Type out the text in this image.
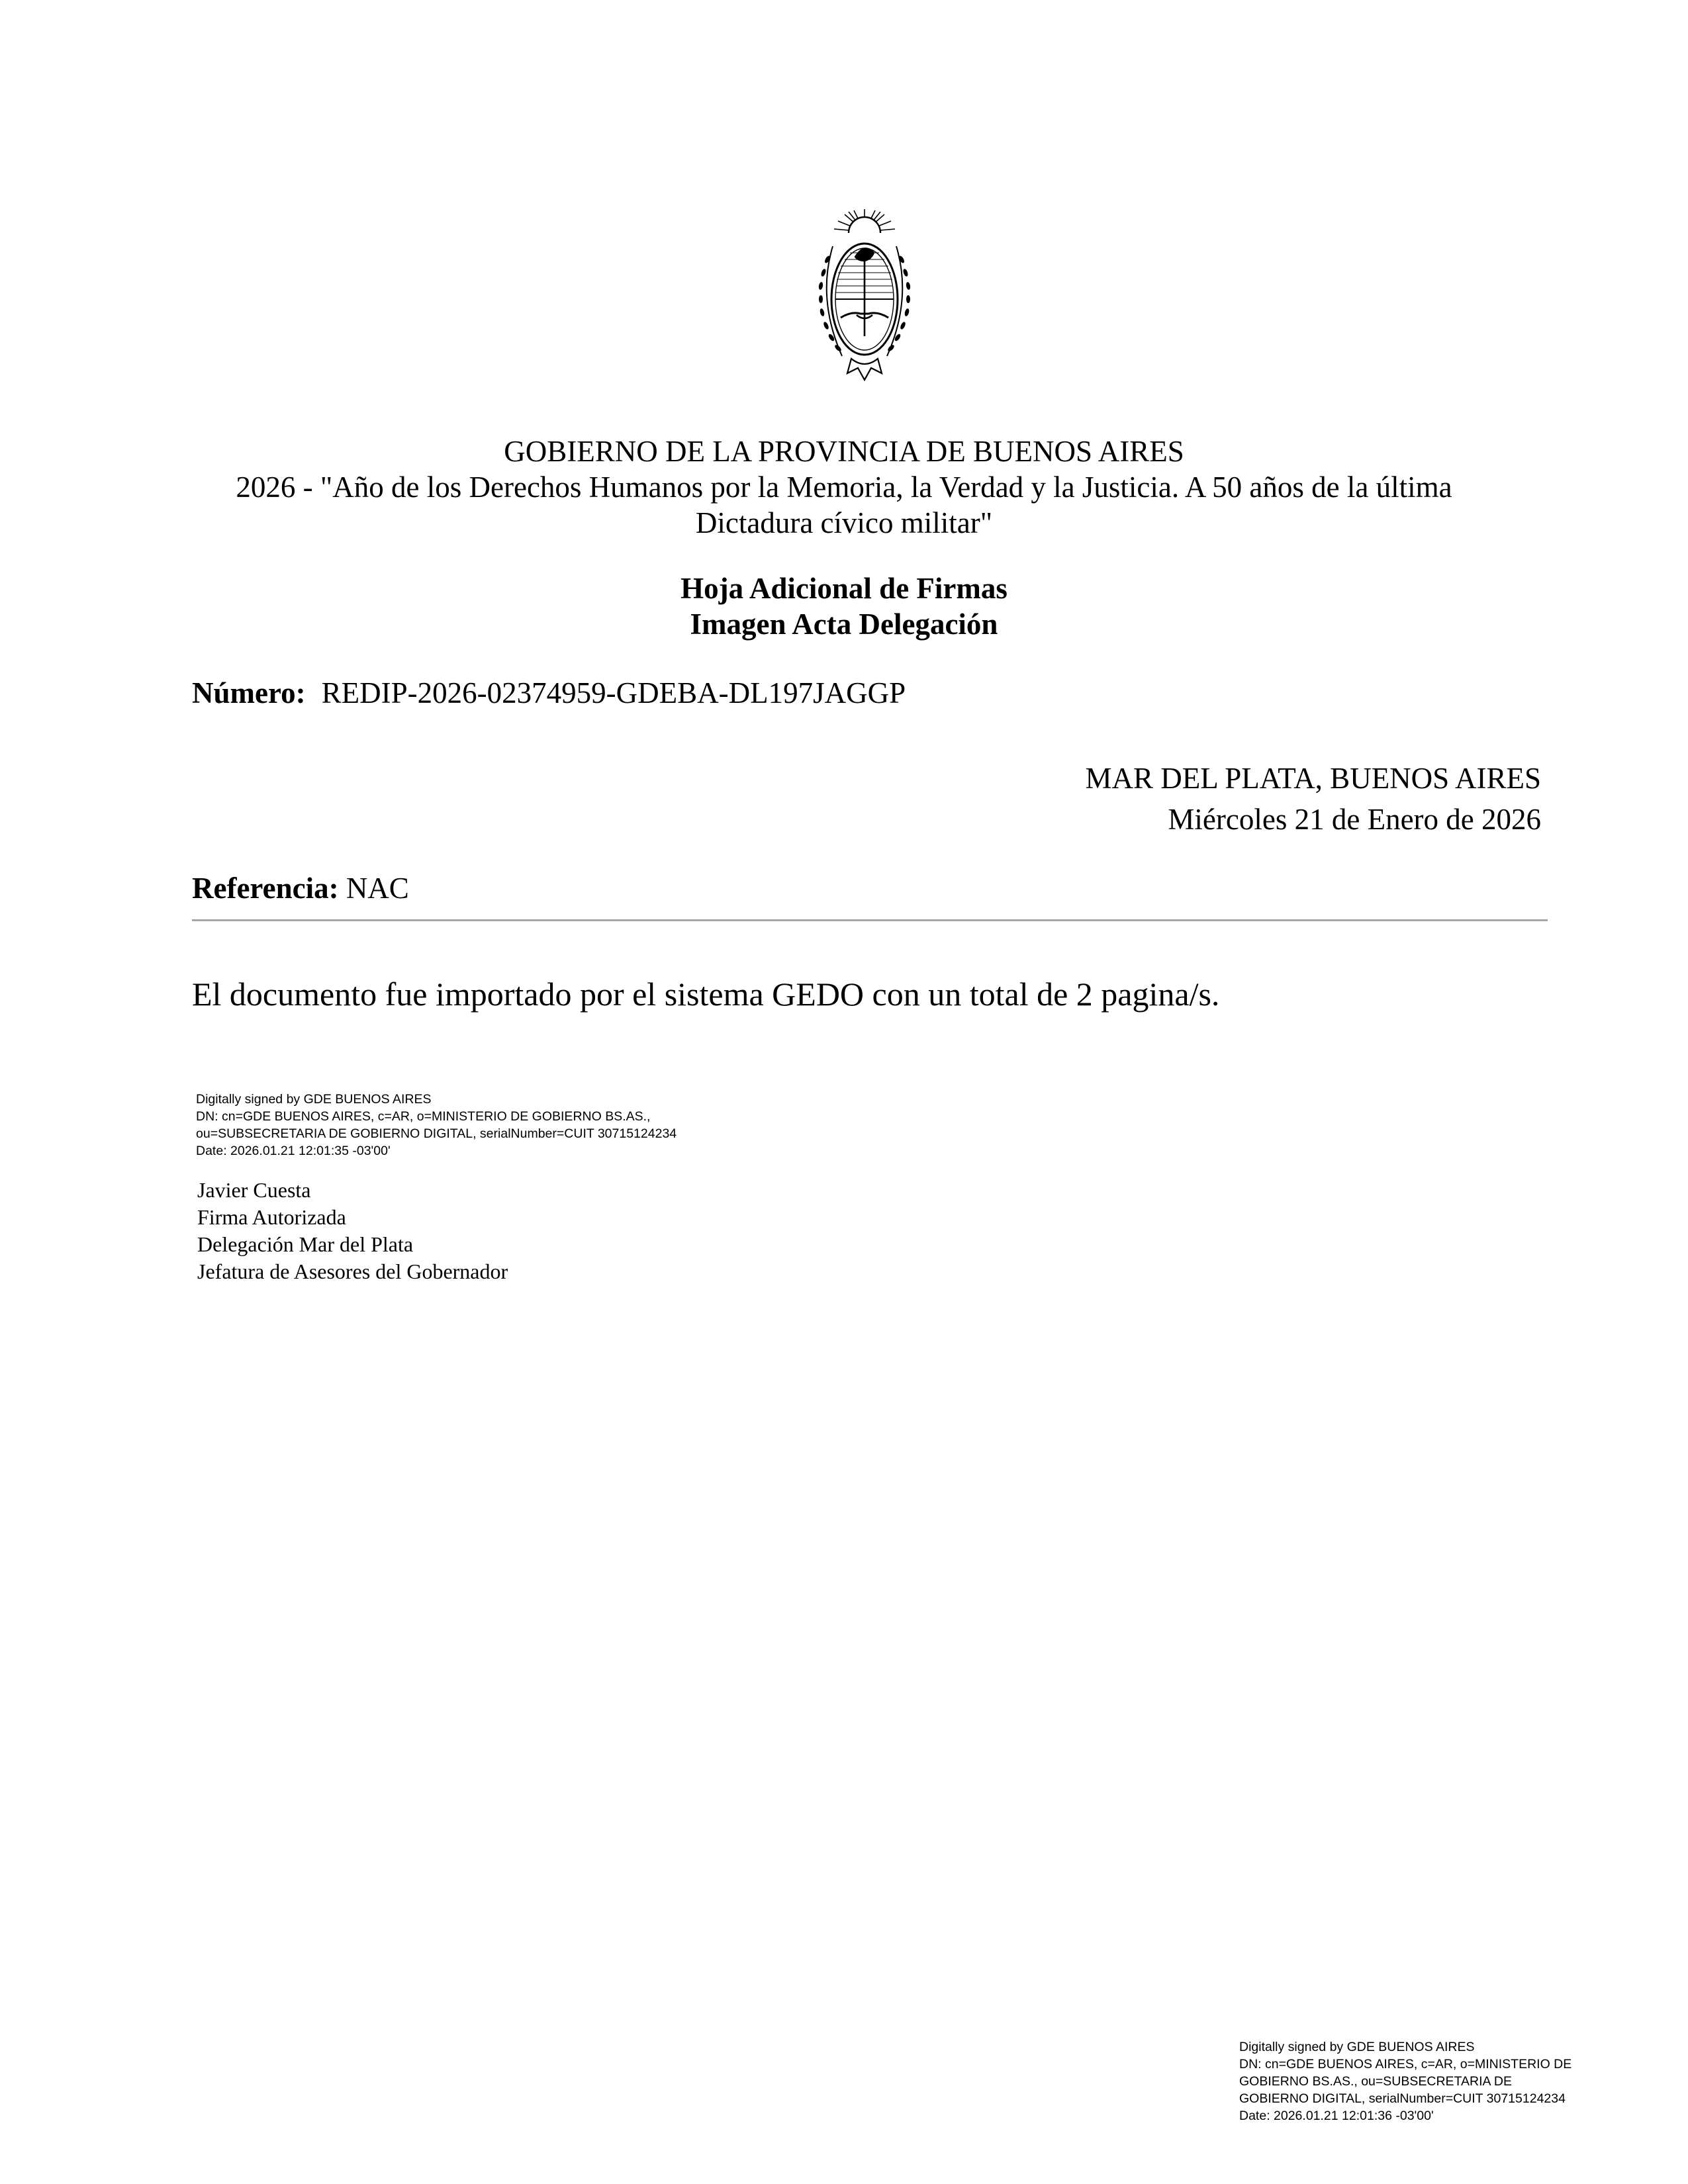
GOBIERNO DE LA PROVINCIA DE BUENOS AIRES
2026 - "Año de los Derechos Humanos por la Memoria, la Verdad y la Justicia. A 50 años de la última
Dictadura cívico militar"
Hoja Adicional de Firmas
Imagen Acta Delegación
Número: REDIP-2026-02374959-GDEBA-DL197JAGGP
MAR DEL PLATA, BUENOS AIRES
Miércoles 21 de Enero de 2026
Referencia: NAC
El documento fue importado por el sistema GEDO con un total de 2 pagina/s.
Digitally signed by GDE BUENOS AIRES
DN: cn=GDE BUENOS AIRES, c=AR, o=MINISTERIO DE GOBIERNO BS.AS.,
ou=SUBSECRETARIA DE GOBIERNO DIGITAL, serialNumber=CUIT 30715124234
Date: 2026.01.21 12:01:35 -03'00'
Javier Cuesta
Firma Autorizada
Delegación Mar del Plata
Jefatura de Asesores del Gobernador
Digitally signed by GDE BUENOS AIRES
DN: cn=GDE BUENOS AIRES, c=AR, o=MINISTERIO DE
GOBIERNO BS.AS., ou=SUBSECRETARIA DE
GOBIERNO DIGITAL, serialNumber=CUIT 30715124234
Date: 2026.01.21 12:01:36 -03'00'
